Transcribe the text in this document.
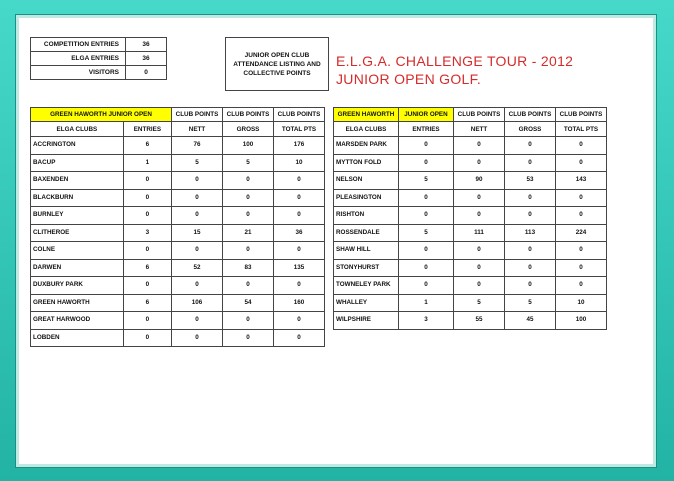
COMPETITION ENTRIES	36
ELGA ENTRIES	36
VISITORS	0
JUNIOR OPEN CLUB
ATTENDANCE LISTING AND
COLLECTIVE POINTS
E.L.G.A. CHALLENGE TOUR - 2012
JUNIOR OPEN GOLF.
GREEN HAWORTH JUNIOR OPEN		CLUB POINTS	CLUB POINTS	CLUB POINTS
ELGA CLUBS	ENTRIES	NETT	GROSS	TOTAL PTS
ACCRINGTON	6	76	100	176
BACUP	1	5	5	10
BAXENDEN	0	0	0	0
BLACKBURN	0	0	0	0
BURNLEY	0	0	0	0
CLITHEROE	3	15	21	36
COLNE	0	0	0	0
DARWEN	6	52	83	135
DUXBURY PARK	0	0	0	0
GREEN HAWORTH	6	106	54	160
GREAT HARWOOD	0	0	0	0
LOBDEN	0	0	0	0
GREEN HAWORTH	JUNIOR OPEN	CLUB POINTS	CLUB POINTS	CLUB POINTS
ELGA CLUBS	ENTRIES	NETT	GROSS	TOTAL PTS
MARSDEN PARK	0	0	0	0
MYTTON FOLD	0	0	0	0
NELSON	5	90	53	143
PLEASINGTON	0	0	0	0
RISHTON	0	0	0	0
ROSSENDALE	5	111	113	224
SHAW HILL	0	0	0	0
STONYHURST	0	0	0	0
TOWNELEY PARK	0	0	0	0
WHALLEY	1	5	5	10
WILPSHIRE	3	55	45	100
